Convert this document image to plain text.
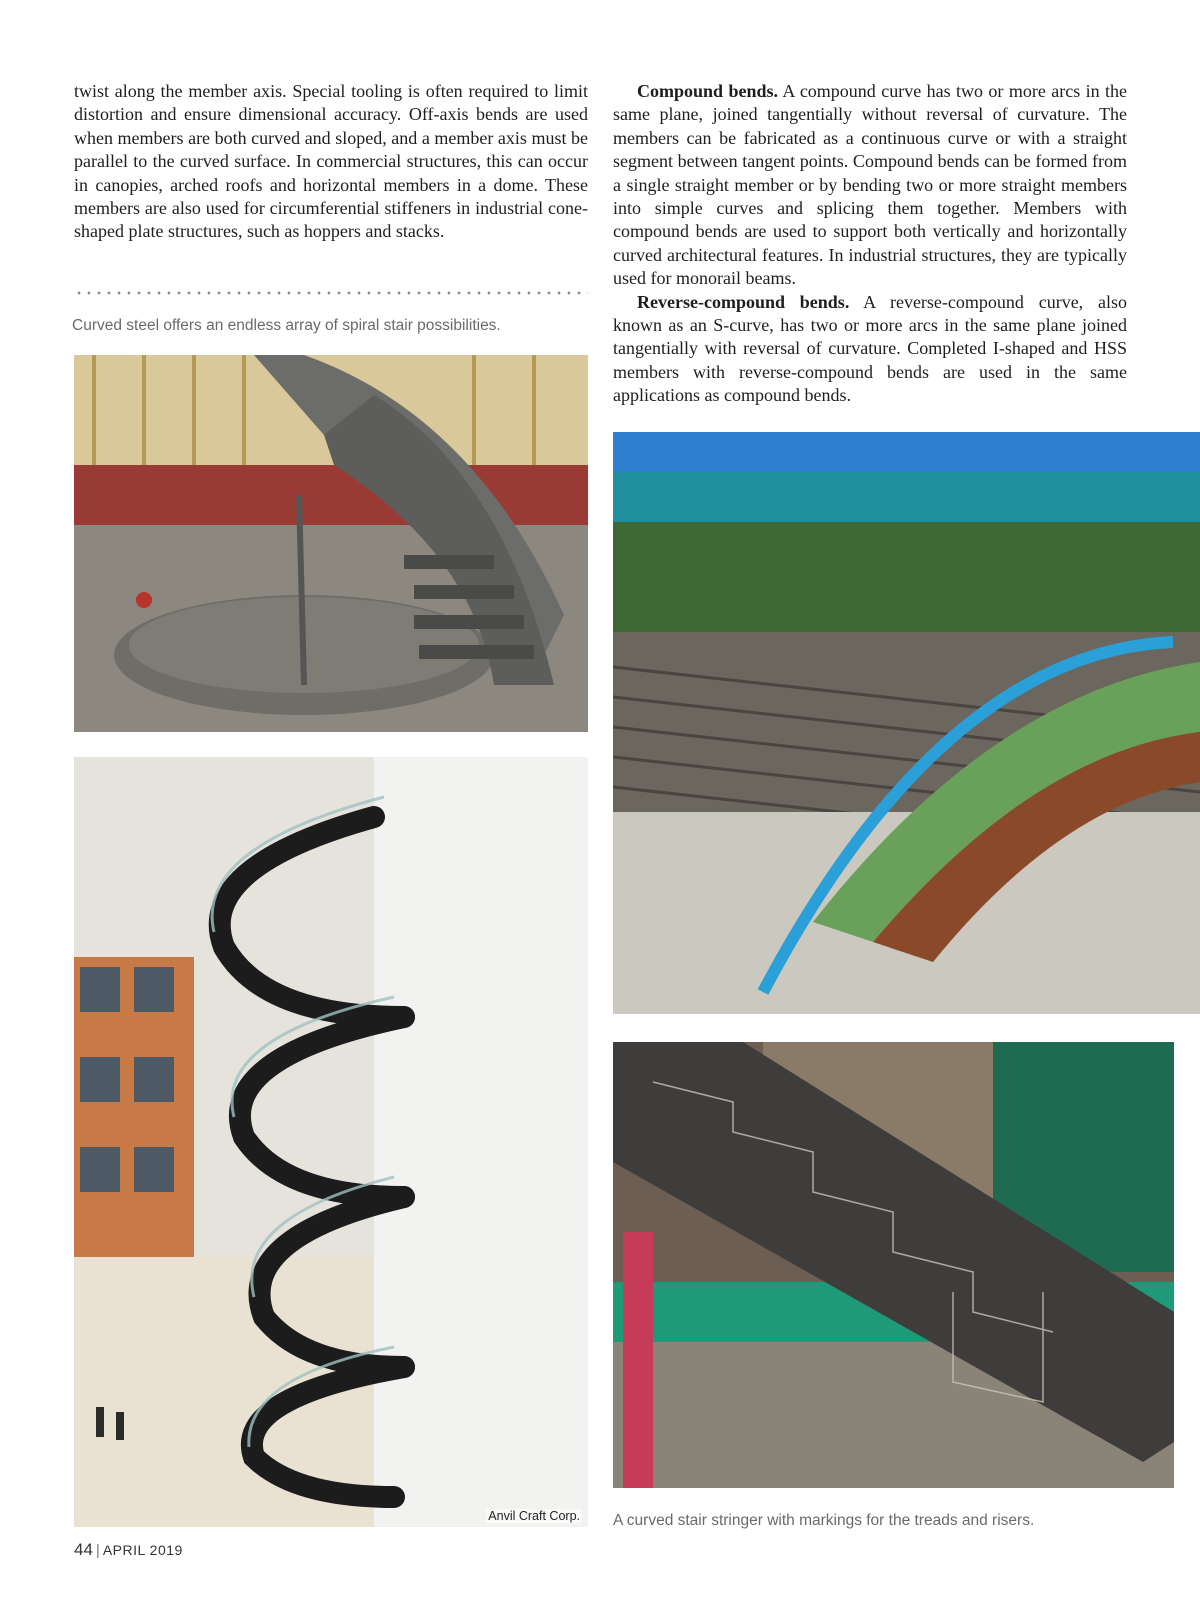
twist along the member axis. Special tooling is often required to limit distortion and ensure dimensional accuracy. Off-axis bends are used when members are both curved and sloped, and a member axis must be parallel to the curved surface. In commercial structures, this can occur in canopies, arched roofs and horizontal members in a dome. These members are also used for circumferential stiffeners in industrial cone-shaped plate structures, such as hoppers and stacks.

Curved steel offers an endless array of spiral stair possibilities.

Compound bends. A compound curve has two or more arcs in the same plane, joined tangentially without reversal of curvature. The members can be fabricated as a continuous curve or with a straight segment between tangent points. Compound bends can be formed from a single straight member or by bending two or more straight members into simple curves and splicing them together. Members with compound bends are used to support both vertically and horizontally curved architectural features. In industrial structures, they are typically used for monorail beams.

Reverse-compound bends. A reverse-compound curve, also known as an S-curve, has two or more arcs in the same plane joined tangentially with reversal of curvature. Completed I-shaped and HSS members with reverse-compound bends are used in the same applications as compound bends.

Anvil Craft Corp. A curved stair stringer with markings for the treads and risers.
44 | APRIL 2019
